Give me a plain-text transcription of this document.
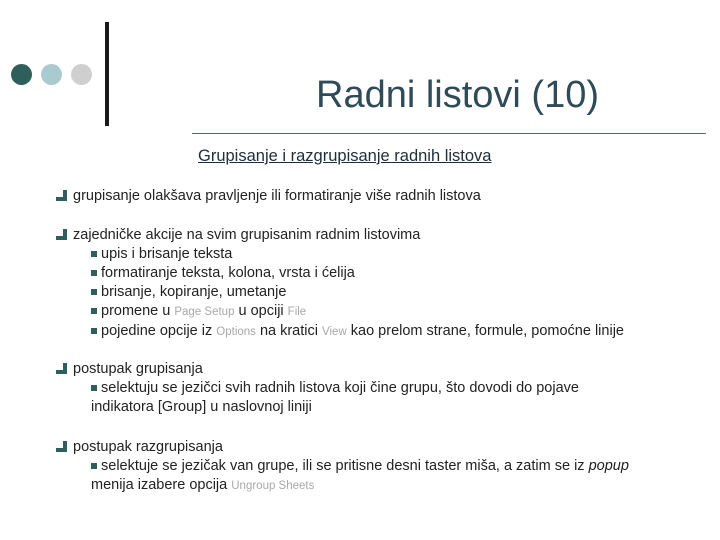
Radni listovi (10)
Grupisanje i razgrupisanje radnih listova
grupisanje olakšava pravljenje ili formatiranje više radnih listova
zajedničke akcije na svim grupisanim radnim listovima
upis i brisanje teksta
formatiranje teksta, kolona, vrsta i ćelija
brisanje, kopiranje, umetanje
promene u Page Setup u opciji File
pojedine opcije iz Options na kratici View kao prelom strane, formule, pomoćne linije
postupak grupisanja
selektuju se jezičci svih radnih listova koji čine grupu, što dovodi do pojave
indikatora [Group] u naslovnoj liniji
postupak razgrupisanja
selektuje se jezičak van grupe, ili se pritisne desni taster miša, a zatim se iz popup
menija izabere opcija Ungroup Sheets
